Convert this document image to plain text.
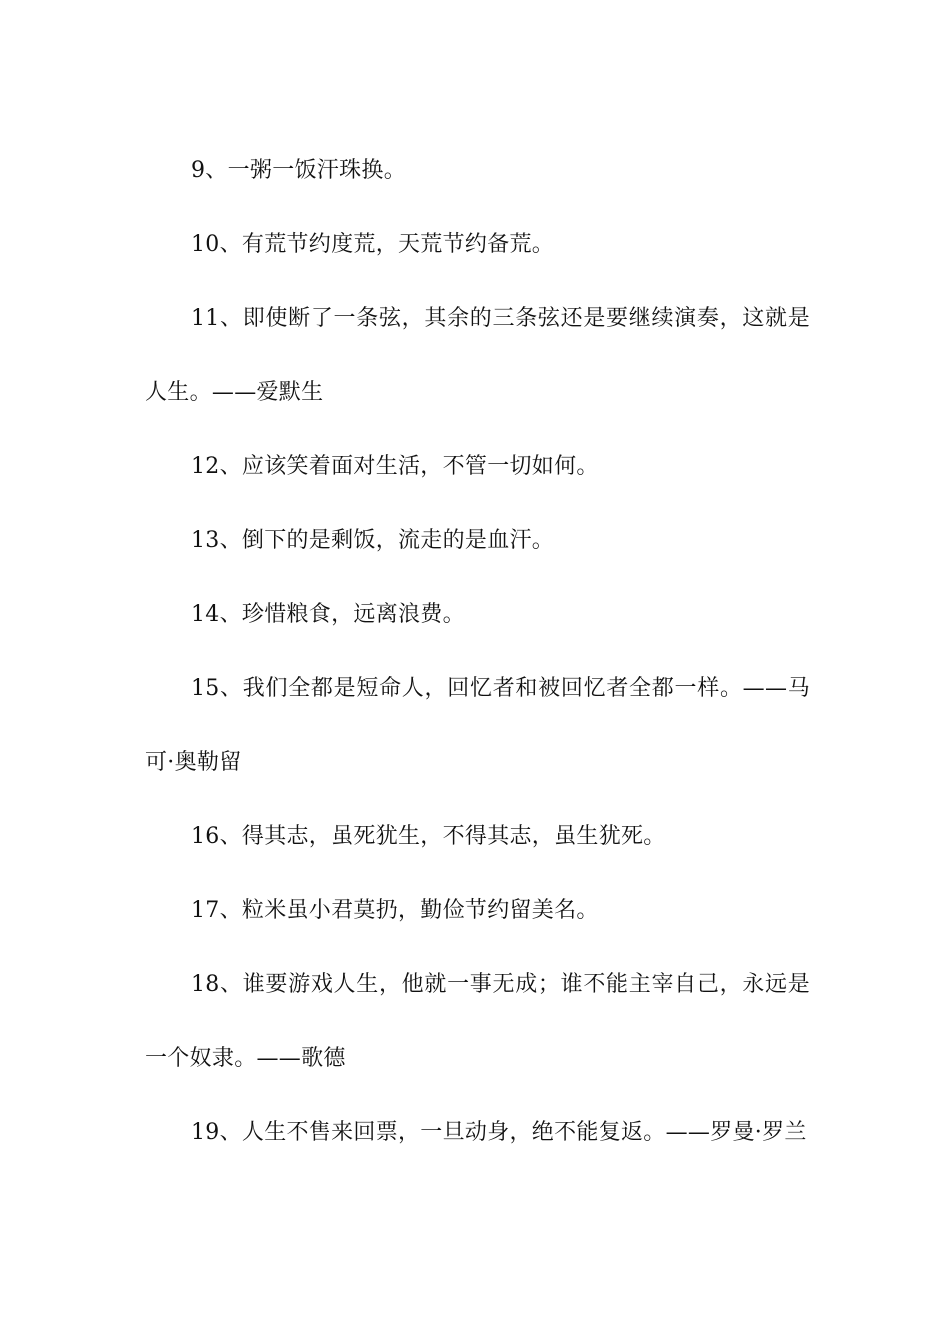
9、一粥一饭汗珠换。

10、有荒节约度荒，天荒节约备荒。

11、即使断了一条弦，其余的三条弦还是要继续演奏，这就是人生。——爱默生

12、应该笑着面对生活，不管一切如何。

13、倒下的是剩饭，流走的是血汗。

14、珍惜粮食，远离浪费。

15、我们全都是短命人，回忆者和被回忆者全都一样。——马可·奥勒留

16、得其志，虽死犹生，不得其志，虽生犹死。

17、粒米虽小君莫扔，勤俭节约留美名。

18、谁要游戏人生，他就一事无成；谁不能主宰自己，永远是一个奴隶。——歌德

19、人生不售来回票，一旦动身，绝不能复返。——罗曼·罗兰
